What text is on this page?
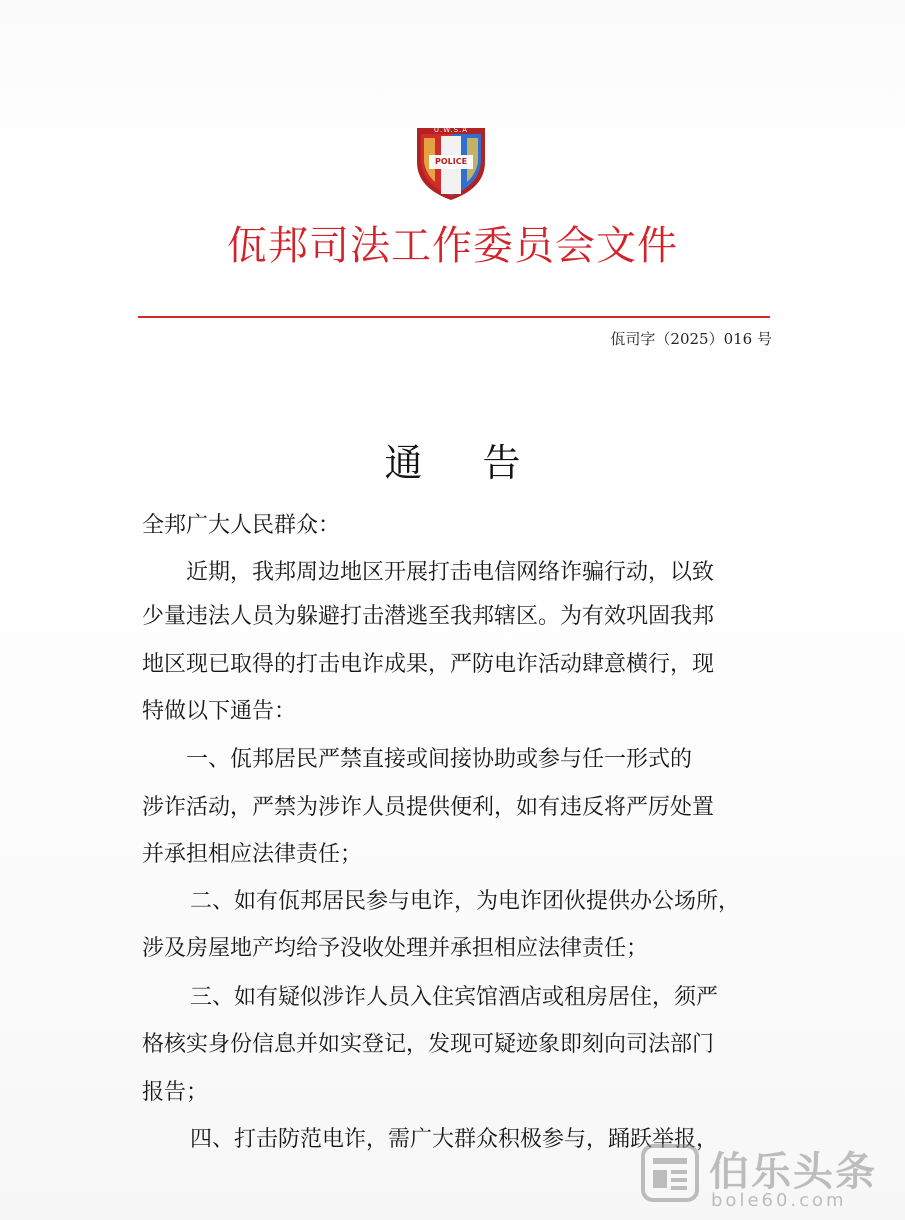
U.W.S.A
POLICE
佤邦司法工作委员会文件
佤司字（2025）016 号
通 告
全邦广大人民群众：
近期，我邦周边地区开展打击电信网络诈骗行动，以致
少量违法人员为躲避打击潜逃至我邦辖区。为有效巩固我邦
地区现已取得的打击电诈成果，严防电诈活动肆意横行，现
特做以下通告：
一、佤邦居民严禁直接或间接协助或参与任一形式的
涉诈活动，严禁为涉诈人员提供便利，如有违反将严厉处置
并承担相应法律责任；
二、如有佤邦居民参与电诈，为电诈团伙提供办公场所，
涉及房屋地产均给予没收处理并承担相应法律责任；
三、如有疑似涉诈人员入住宾馆酒店或租房居住，须严
格核实身份信息并如实登记，发现可疑迹象即刻向司法部门
报告；
四、打击防范电诈，需广大群众积极参与，踊跃举报，
伯乐头条
bole60.com
